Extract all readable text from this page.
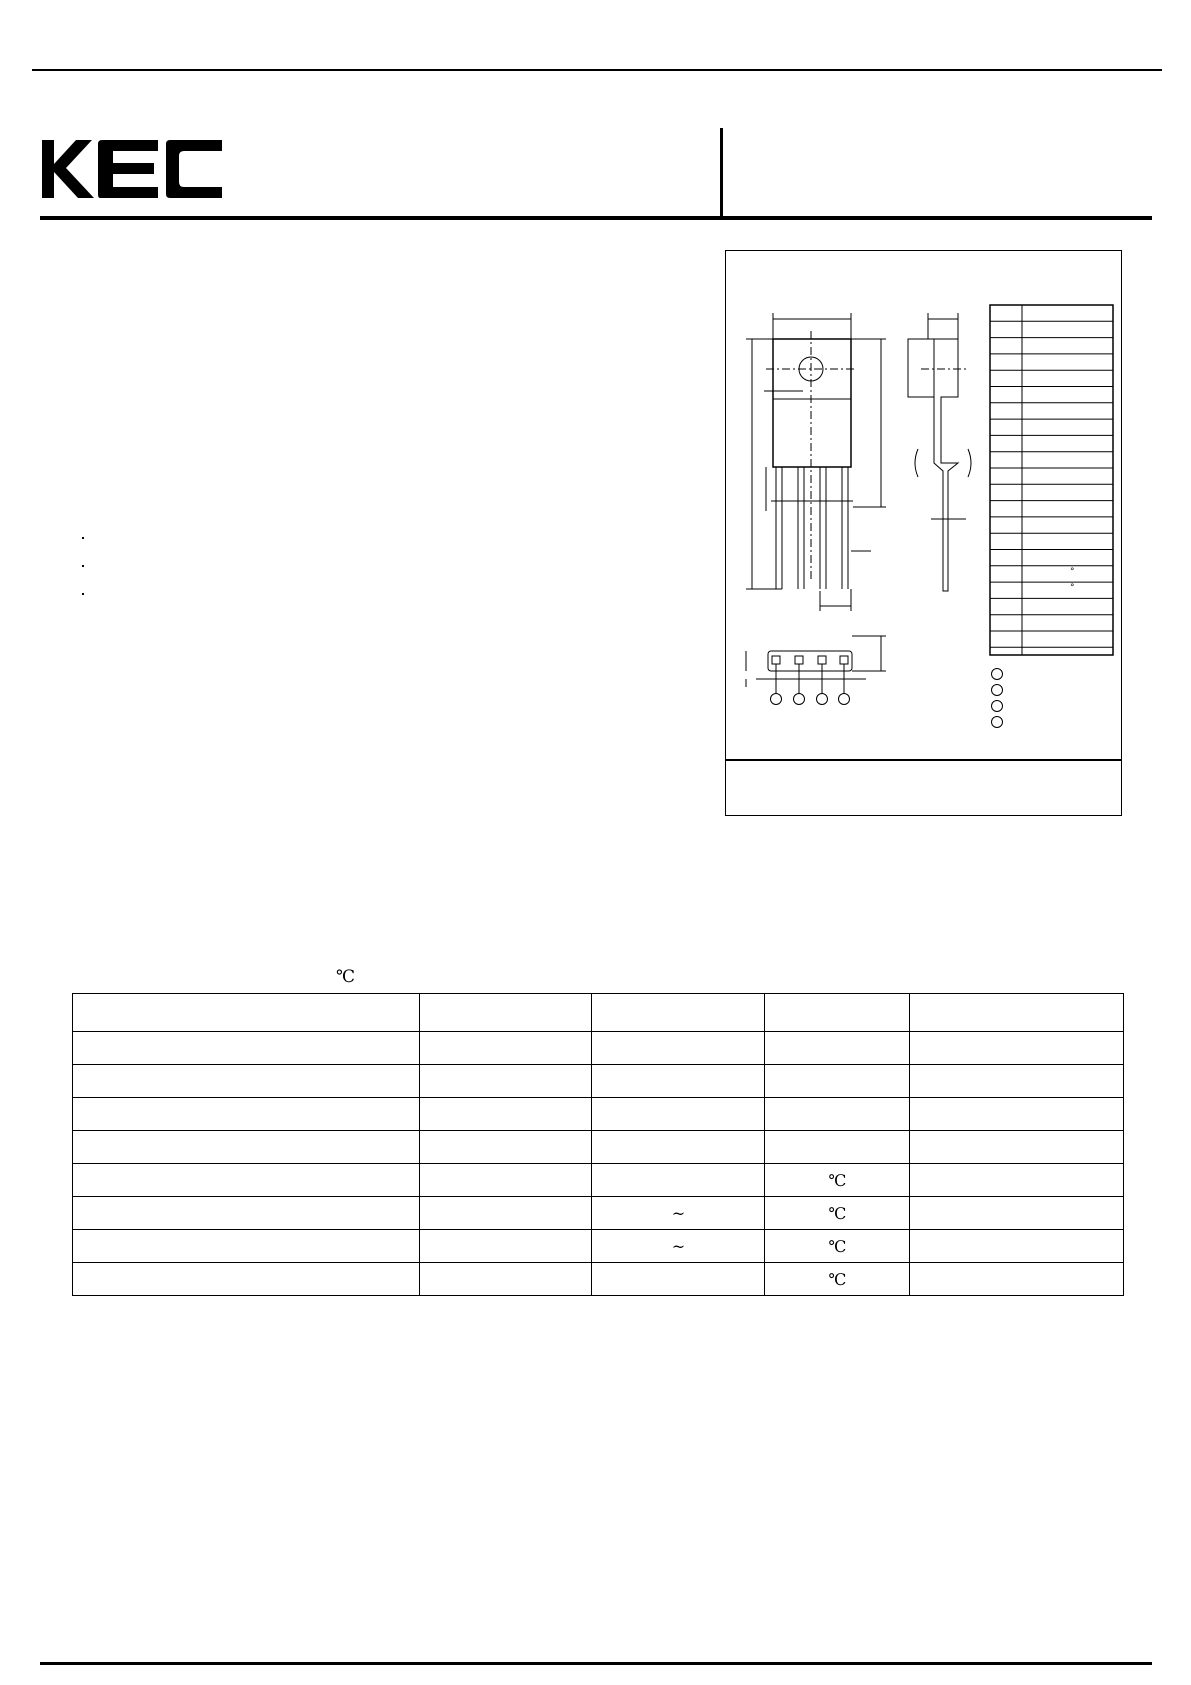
°
°
℃

			℃	
		~	℃	
		~	℃	
			℃	
